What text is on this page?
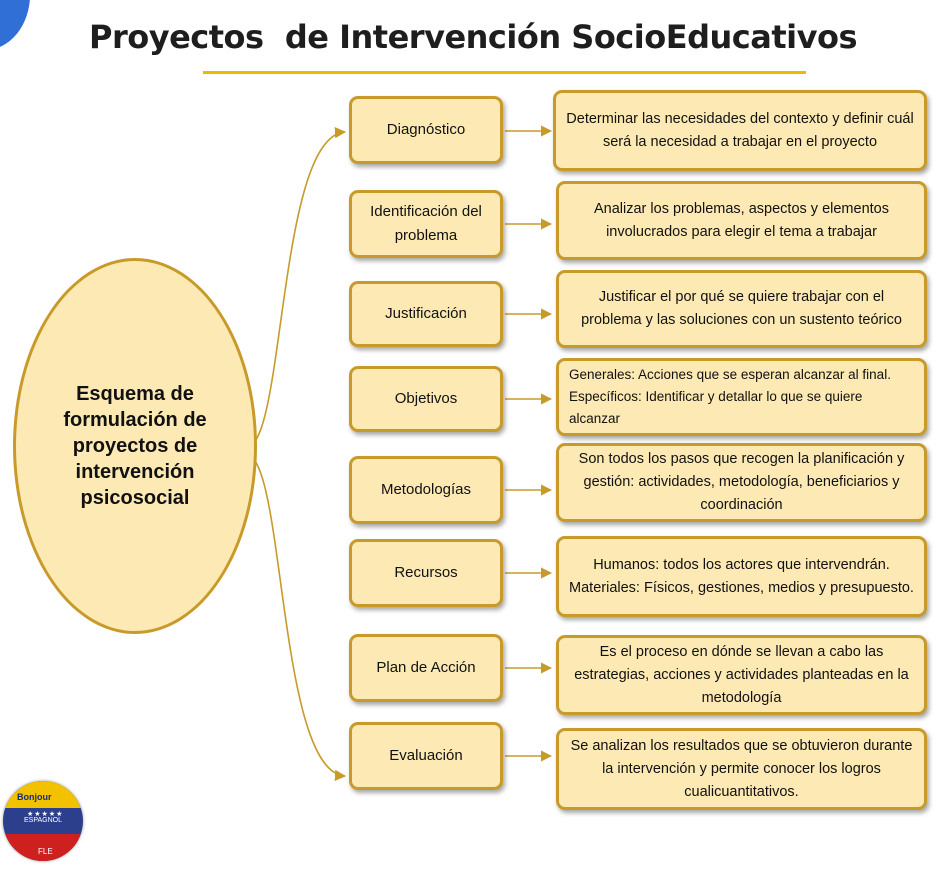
Proyectos  de Intervención SocioEducativos
Esquema de formulación de proyectos de intervención psicosocial
Diagnóstico
Identificación del problema
Justificación
Objetivos
Metodologías
Recursos
Plan de Acción
Evaluación
Determinar las necesidades del contexto y definir cuál será la necesidad a trabajar en el proyecto
Analizar los problemas, aspectos y elementos involucrados para elegir el tema a trabajar
Justificar el por qué se quiere trabajar con el problema y las soluciones con un sustento teórico
Generales: Acciones que se esperan alcanzar al final.
Específicos: Identificar y detallar lo que se quiere alcanzar
Son todos los pasos que recogen la planificación y gestión: actividades, metodología, beneficiarios y coordinación
Humanos: todos los actores que intervendrán.
Materiales: Físicos, gestiones, medios y presupuesto.
Es el proceso en dónde se llevan a cabo las estrategias, acciones y actividades planteadas en la metodología
Se analizan los resultados que se obtuvieron durante la intervención y permite conocer los logros cualicuantitativos.
Bonjour
★★★★★
ESPAGNOL
FLE
